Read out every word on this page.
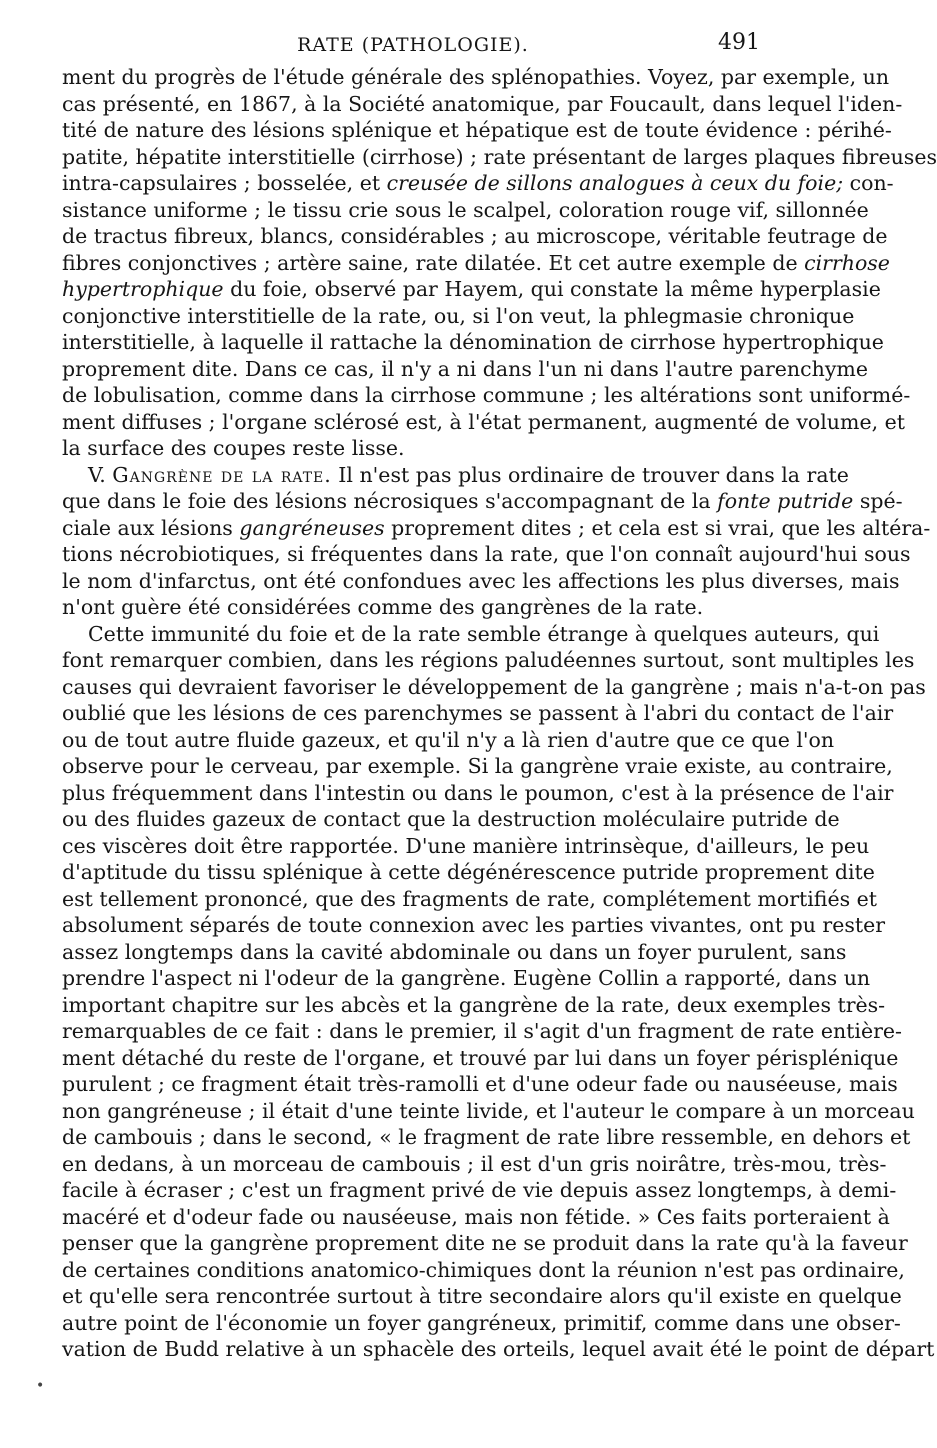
RATE (PATHOLOGIE).	491
ment du progrès de l'étude générale des splénopathies. Voyez, par exemple, un
cas présenté, en 1867, à la Société anatomique, par Foucault, dans lequel l'iden-
tité de nature des lésions splénique et hépatique est de toute évidence : périhé-
patite, hépatite interstitielle (cirrhose) ; rate présentant de larges plaques fibreuses
intra-capsulaires ; bosselée, et creusée de sillons analogues à ceux du foie; con-
sistance uniforme ; le tissu crie sous le scalpel, coloration rouge vif, sillonnée
de tractus fibreux, blancs, considérables ; au microscope, véritable feutrage de
fibres conjonctives ; artère saine, rate dilatée. Et cet autre exemple de cirrhose
hypertrophique du foie, observé par Hayem, qui constate la même hyperplasie
conjonctive interstitielle de la rate, ou, si l'on veut, la phlegmasie chronique
interstitielle, à laquelle il rattache la dénomination de cirrhose hypertrophique
proprement dite. Dans ce cas, il n'y a ni dans l'un ni dans l'autre parenchyme
de lobulisation, comme dans la cirrhose commune ; les altérations sont uniformé-
ment diffuses ; l'organe sclérosé est, à l'état permanent, augmenté de volume, et
la surface des coupes reste lisse.
V. Gangrène de la rate. Il n'est pas plus ordinaire de trouver dans la rate
que dans le foie des lésions nécrosiques s'accompagnant de la fonte putride spé-
ciale aux lésions gangréneuses proprement dites ; et cela est si vrai, que les altéra-
tions nécrobiotiques, si fréquentes dans la rate, que l'on connaît aujourd'hui sous
le nom d'infarctus, ont été confondues avec les affections les plus diverses, mais
n'ont guère été considérées comme des gangrènes de la rate.
Cette immunité du foie et de la rate semble étrange à quelques auteurs, qui
font remarquer combien, dans les régions paludéennes surtout, sont multiples les
causes qui devraient favoriser le développement de la gangrène ; mais n'a-t-on pas
oublié que les lésions de ces parenchymes se passent à l'abri du contact de l'air
ou de tout autre fluide gazeux, et qu'il n'y a là rien d'autre que ce que l'on
observe pour le cerveau, par exemple. Si la gangrène vraie existe, au contraire,
plus fréquemment dans l'intestin ou dans le poumon, c'est à la présence de l'air
ou des fluides gazeux de contact que la destruction moléculaire putride de
ces viscères doit être rapportée. D'une manière intrinsèque, d'ailleurs, le peu
d'aptitude du tissu splénique à cette dégénérescence putride proprement dite
est tellement prononcé, que des fragments de rate, complétement mortifiés et
absolument séparés de toute connexion avec les parties vivantes, ont pu rester
assez longtemps dans la cavité abdominale ou dans un foyer purulent, sans
prendre l'aspect ni l'odeur de la gangrène. Eugène Collin a rapporté, dans un
important chapitre sur les abcès et la gangrène de la rate, deux exemples très-
remarquables de ce fait : dans le premier, il s'agit d'un fragment de rate entière-
ment détaché du reste de l'organe, et trouvé par lui dans un foyer périsplénique
purulent ; ce fragment était très-ramolli et d'une odeur fade ou nauséeuse, mais
non gangréneuse ; il était d'une teinte livide, et l'auteur le compare à un morceau
de cambouis ; dans le second, « le fragment de rate libre ressemble, en dehors et
en dedans, à un morceau de cambouis ; il est d'un gris noirâtre, très-mou, très-
facile à écraser ; c'est un fragment privé de vie depuis assez longtemps, à demi-
macéré et d'odeur fade ou nauséeuse, mais non fétide. » Ces faits porteraient à
penser que la gangrène proprement dite ne se produit dans la rate qu'à la faveur
de certaines conditions anatomico-chimiques dont la réunion n'est pas ordinaire,
et qu'elle sera rencontrée surtout à titre secondaire alors qu'il existe en quelque
autre point de l'économie un foyer gangréneux, primitif, comme dans une obser-
vation de Budd relative à un sphacèle des orteils, lequel avait été le point de départ
•
